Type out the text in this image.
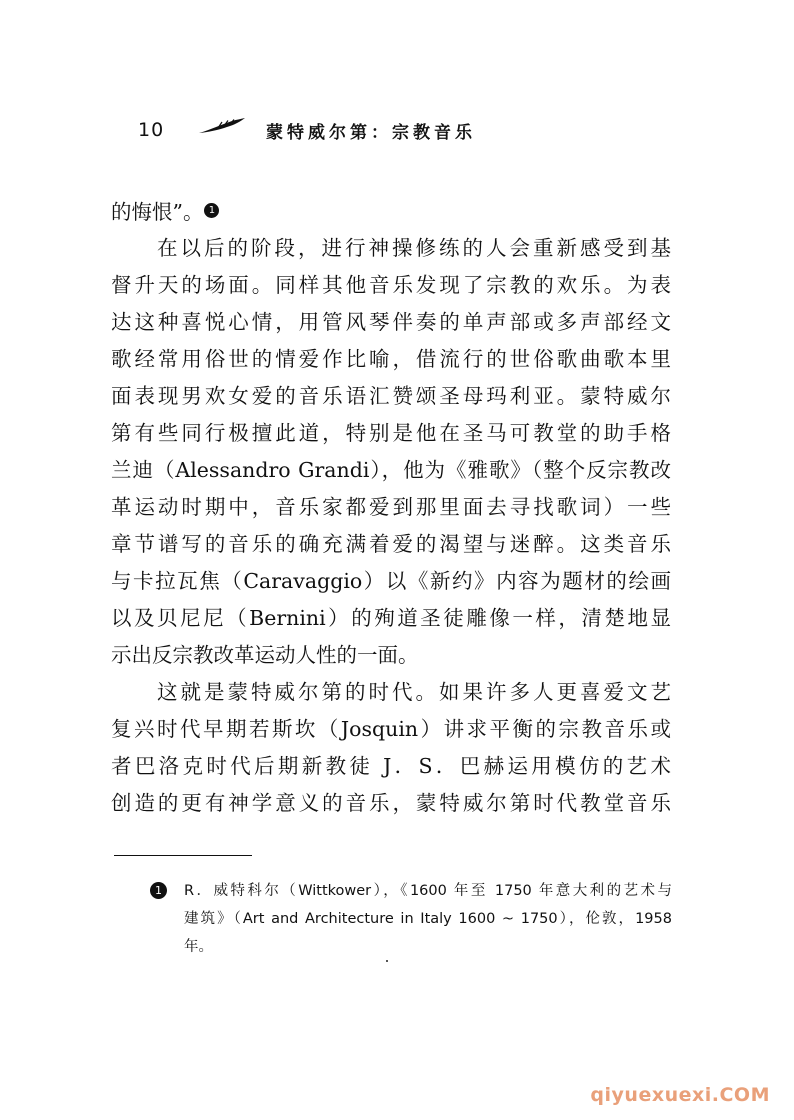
10	蒙特威尔第：宗教音乐
的悔恨”。 1
在以后的阶段，进行神操修练的人会重新感受到基
督升天的场面。同样其他音乐发现了宗教的欢乐。为表
达这种喜悦心情，用管风琴伴奏的单声部或多声部经文
歌经常用俗世的情爱作比喻，借流行的世俗歌曲歌本里
面表现男欢女爱的音乐语汇赞颂圣母玛利亚。蒙特威尔
第有些同行极擅此道，特别是他在圣马可教堂的助手格
兰迪（Alessandro Grandi），他为《雅歌》（整个反宗教改
革运动时期中，音乐家都爱到那里面去寻找歌词）一些
章节谱写的音乐的确充满着爱的渴望与迷醉。这类音乐
与卡拉瓦焦（Caravaggio）以《新约》内容为题材的绘画
以及贝尼尼（Bernini）的殉道圣徒雕像一样，清楚地显
示出反宗教改革运动人性的一面。
这就是蒙特威尔第的时代。如果许多人更喜爱文艺
复兴时代早期若斯坎（Josquin）讲求平衡的宗教音乐或
者巴洛克时代后期新教徒 J．S．巴赫运用模仿的艺术
创造的更有神学意义的音乐，蒙特威尔第时代教堂音乐
1	R．威特科尔（Wittkower），《1600 年至 1750 年意大利的艺术与
建筑》（Art and Architecture in Italy 1600 ~ 1750），伦敦，1958
年。
qiyuexuexi.COM
